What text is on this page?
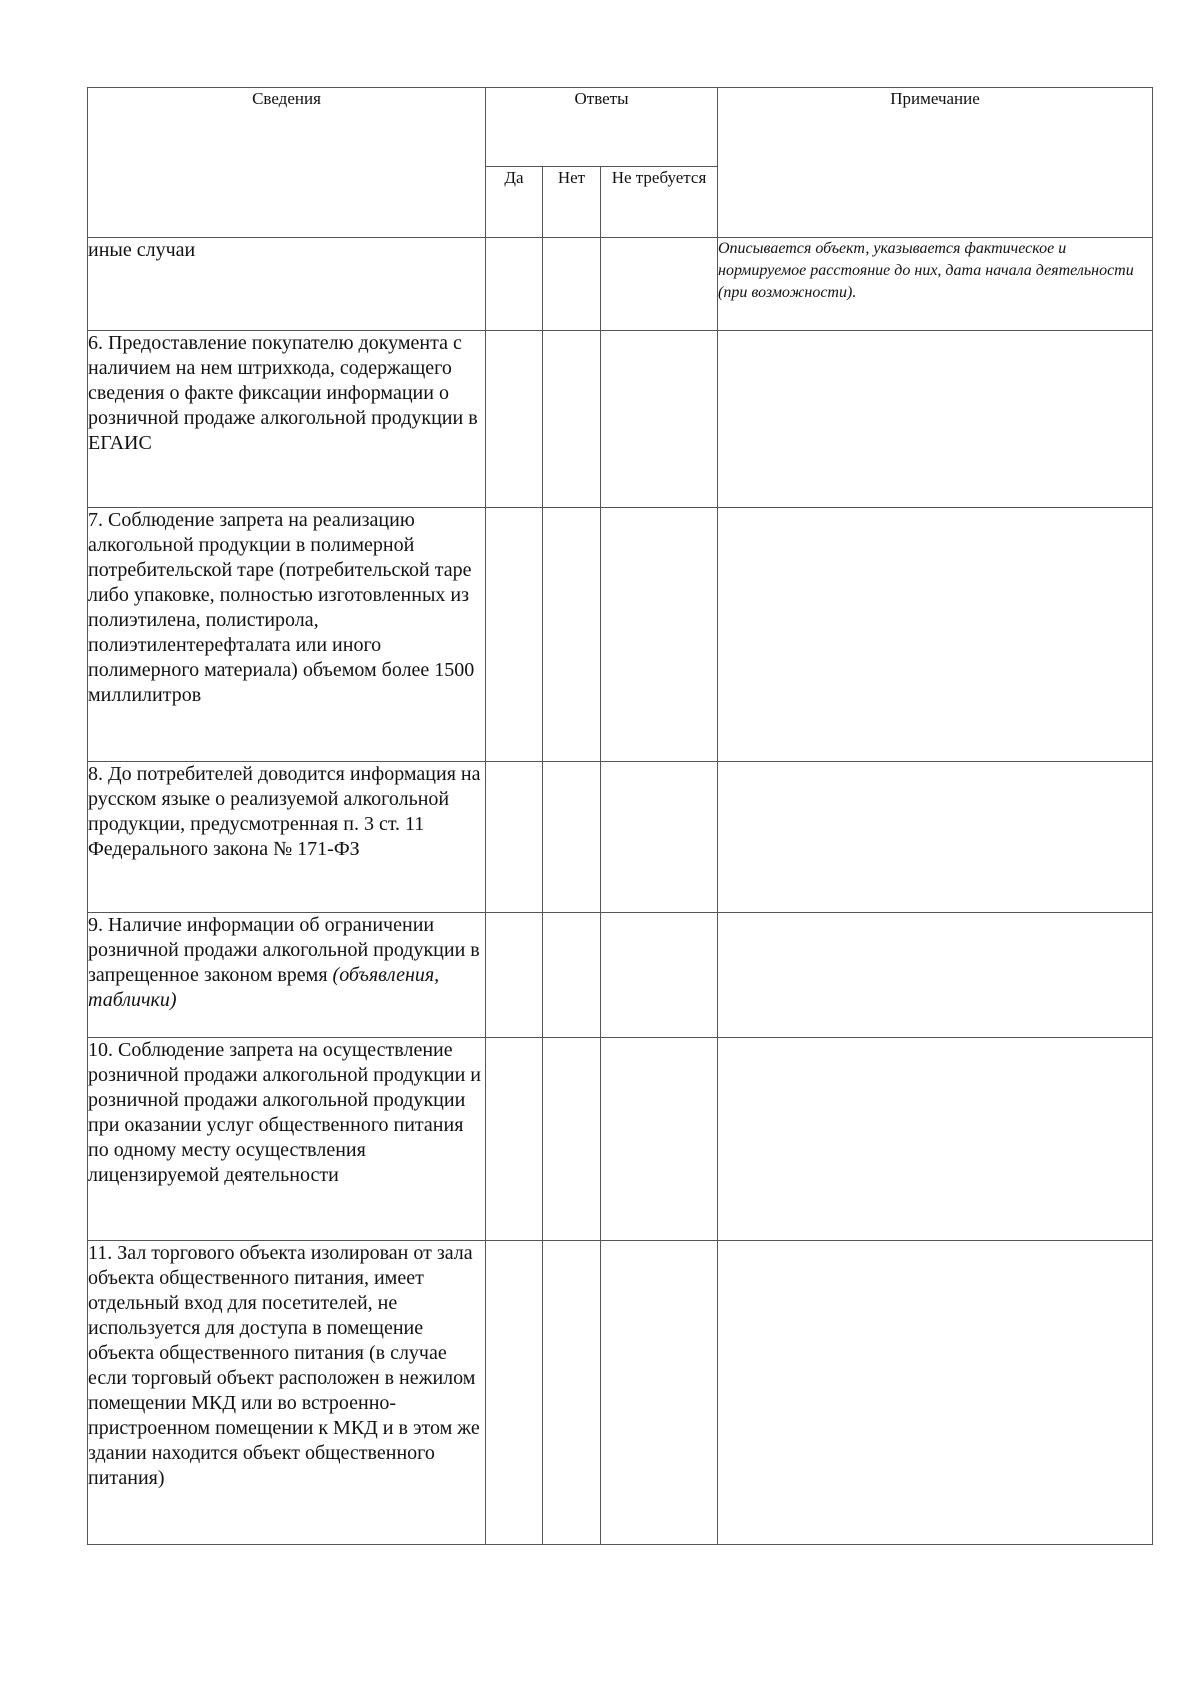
Сведения	Ответы			Примечание
	Да	Нет	Не требуется	
иные случаи				Описывается объект, указывается фактическое и нормируемое расстояние до них, дата начала деятельности (при возможности).
6. Предоставление покупателю документа с наличием на нем штрихкода, содержащего сведения о факте фиксации информации о розничной продаже алкогольной продукции в ЕГАИС				
7. Соблюдение запрета на реализацию алкогольной продукции в полимерной потребительской таре (потребительской таре либо упаковке, полностью изготовленных из полиэтилена, полистирола, полиэтилентерефталата или иного полимерного материала) объемом более 1500 миллилитров				
8. До потребителей доводится информация на русском языке о реализуемой алкогольной продукции, предусмотренная п. 3 ст. 11 Федерального закона № 171-ФЗ				
9. Наличие информации об ограничении розничной продажи алкогольной продукции в запрещенное законом время (объявления, таблички)				
10. Соблюдение запрета на осуществление розничной продажи алкогольной продукции и розничной продажи алкогольной продукции при оказании услуг общественного питания по одному месту осуществления лицензируемой деятельности				
11. Зал торгового объекта изолирован от зала объекта общественного питания, имеет отдельный вход для посетителей, не используется для доступа в помещение объекта общественного питания (в случае если торговый объект расположен в нежилом помещении МКД или во встроенно-пристроенном помещении к МКД и в этом же здании находится объект общественного питания)				
